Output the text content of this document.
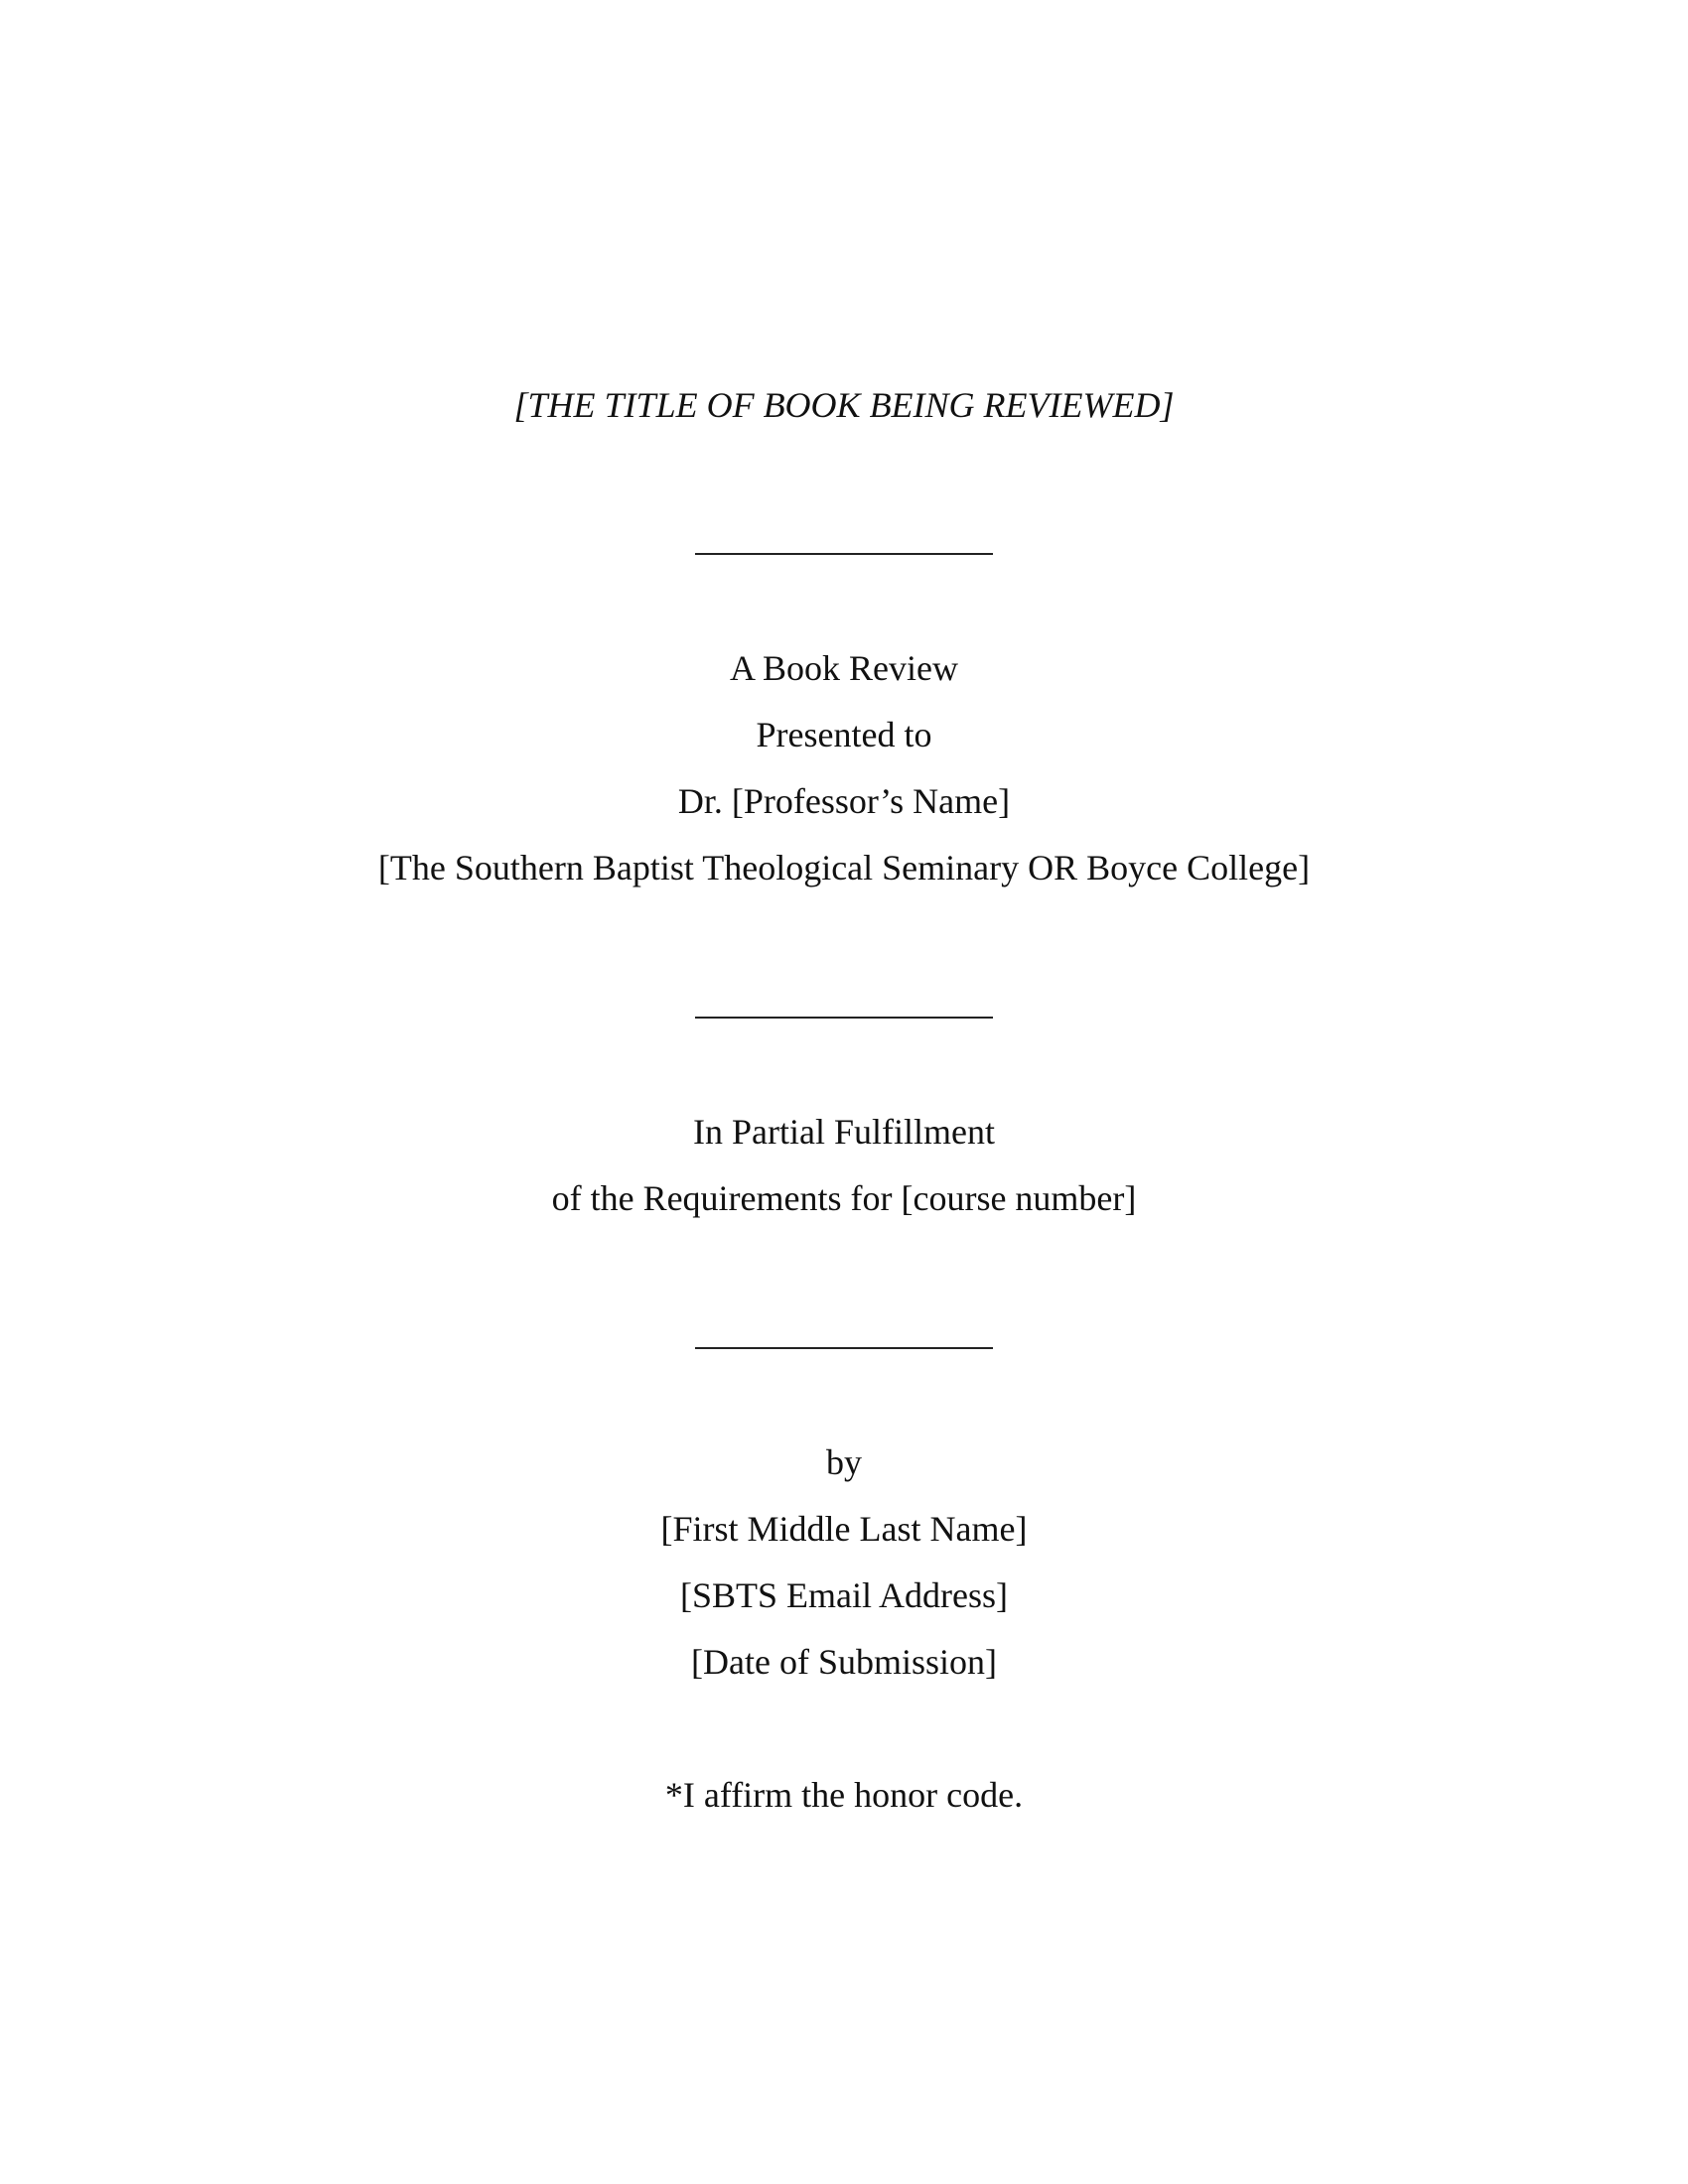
[THE TITLE OF BOOK BEING REVIEWED]
A Book Review
Presented to
Dr. [Professor’s Name]
[The Southern Baptist Theological Seminary OR Boyce College]
In Partial Fulfillment
of the Requirements for [course number]
by
[First Middle Last Name]
[SBTS Email Address]
[Date of Submission]
*I affirm the honor code.
